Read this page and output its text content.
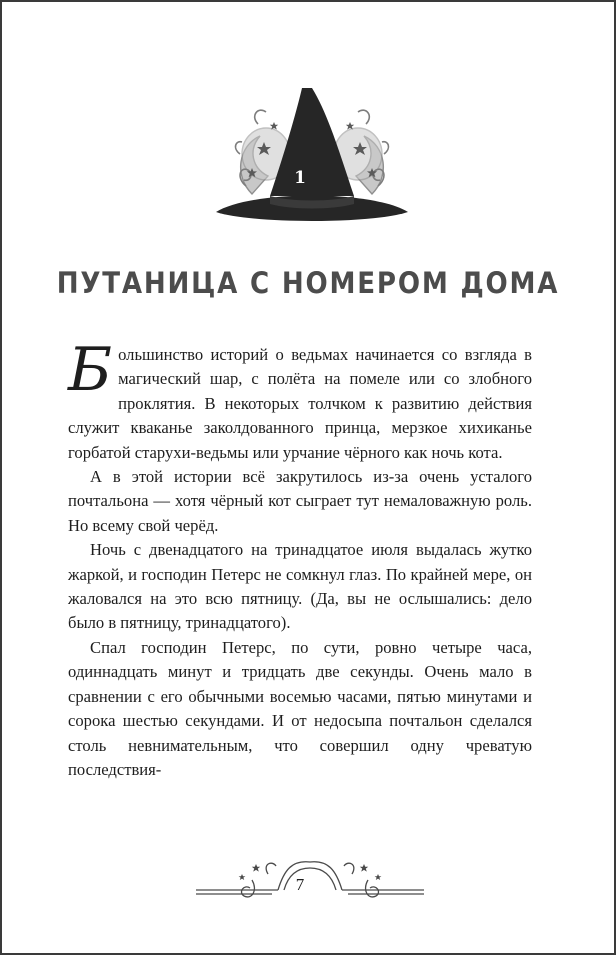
1
ПУТАНИЦА С НОМЕРОМ ДОМА

Большинство историй о ведьмах начинается со взгляда в магический шар, с полёта на помеле или со злобного проклятия. В некоторых толчком к развитию действия служит кваканье заколдованного принца, мерзкое хихиканье горбатой старухи-ведьмы или урчание чёрного как ночь кота.

А в этой истории всё закрутилось из-за очень усталого почтальона — хотя чёрный кот сыграет тут немаловажную роль. Но всему свой черёд.

Ночь с двенадцатого на тринадцатое июля выдалась жутко жаркой, и господин Петерс не сомкнул глаз. По крайней мере, он жаловался на это всю пятницу. (Да, вы не ослышались: дело было в пятницу, тринадцатого).

Спал господин Петерс, по сути, ровно четыре часа, одиннадцать минут и тридцать две секунды. Очень мало в сравнении с его обычными восемью часами, пятью минутами и сорока шестью секундами. И от недосыпа почтальон сделался столь невнимательным, что совершил одну чреватую последствия-

7
